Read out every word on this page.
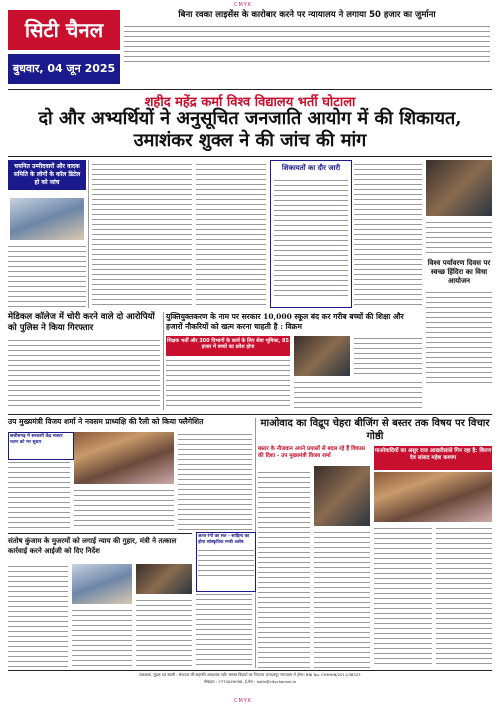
CMYK
सिटी चैनल
बुधवार, 04 जून 2025
बिना रवका लाइसेंस के कारोबार करने पर न्यायालय ने लगाया 50 हजार का जुर्माना
शहीद महेंद्र कर्मा विश्व विद्यालय भर्ती घोटाला
दो और अभ्यर्थियों ने अनुसूचित जनजाति आयोग में की शिकायत, उमाशंकर शुक्ल ने की जांच की मांग
चयनित उम्मीदवारों और वादक समिति के लोगों के कॉल डिटेल हो को जांच
शिकायतों का दौर जारी
विश्व पर्यावरण दिवस पर स्वच्छ हिंदिरा का विधा आयोजन
मेडिकल कॉलेज में चोरी करने वाले दो आरोपियों को पुलिस ने किया गिरफ्तार
युक्तियुक्तकरण के नाम पर सरकार 10,000 स्कूल बंद कर गरीब बच्चों की शिक्षा और हजारों नौकरियों को खत्म करना चाहती है : विक्रम
शिक्षक भर्ती और 300 विभागों के कार्य के लिए सेवा भूमिका, 85 हजार में बच्चों का प्रवेश होगा
उप मुख्यमंत्री विजय शर्मा ने नवसम प्राध्यक्षि की रैली को किया फ्लैगेशित
छत्तीसगढ़ में सरकारी केंद्र मास्टर प्लान को भर सुधार
माओवाद का विद्रूप चेहरा बीजिंग से बस्तर तक विषय पर विचार गोष्ठी
बस्तर के नौजवान अपने प्रयासों से बदल रहे हैं विकास की दिशा - उप मुख्यमंत्री विजय शर्मा
माओवादियों का असुर राज आखरीसांसे गिन रहा है: किरण देव सांसद महेश कश्यप
आज रंगों का सत - साहित्य का होगा सांस्कृतिक मन्त्री अशेष
संतोष कुंजाम के मुजरमों को लगाई न्याय की गुहार, मंत्री ने तत्काल कार्रवाई करने आईजी को दिए निर्देश
प्रकाशक, मुद्रक एवं स्वामी : संपादक की सहमति आवश्यक नहीं। समस्त विवादों का निपटारा जगदलपुर न्यायालय में होगा। RNI No. CHHHIN/2011/38523
मोबाइल : 7774049096, ई-मेल : hello@citychannel.in
CMYK
